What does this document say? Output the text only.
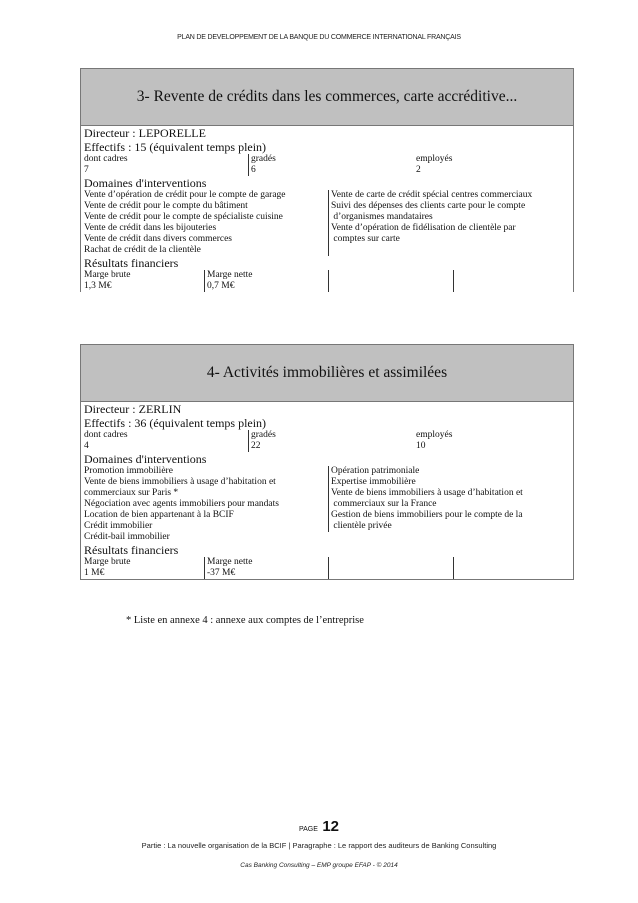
PLAN DE DEVELOPPEMENT DE LA BANQUE DU COMMERCE INTERNATIONAL FRANÇAIS
3- Revente de crédits dans les commerces, carte accréditive...
Directeur : LEPORELLE
Effectifs : 15 (équivalent temps plein)
dont cadres	gradés	employés
7	6	2
Domaines d'interventions
Vente d’opération de crédit pour le compte de garage
Vente de crédit pour le compte du bâtiment
Vente de crédit pour le compte de spécialiste cuisine
Vente de crédit dans les bijouteries
Vente de crédit dans divers commerces
Rachat de crédit de la clientèle
Vente de carte de crédit spécial centres commerciaux
Suivi des dépenses des clients carte pour le compte
d’organismes mandataires
Vente d’opération de fidélisation de clientèle par
comptes sur carte
Résultats financiers
Marge brute	Marge nette
1,3 M€	0,7 M€
4- Activités immobilières et assimilées
Directeur : ZERLIN
Effectifs : 36 (équivalent temps plein)
dont cadres	gradés	employés
4	22	10
Domaines d'interventions
Promotion immobilière
Vente de biens immobiliers à usage d’habitation et
commerciaux sur Paris *
Négociation avec agents immobiliers pour mandats
Location de bien appartenant à la BCIF
Crédit immobilier
Crédit-bail immobilier
Opération patrimoniale
Expertise immobilière
Vente de biens immobiliers à usage d’habitation et
commerciaux sur la France
Gestion de biens immobiliers pour le compte de la
clientèle privée
Résultats financiers
Marge brute	Marge nette
1 M€	-37 M€
* Liste en annexe 4 : annexe aux comptes de l’entreprise
PAGE 12
Partie : La nouvelle organisation de la BCIF | Paragraphe : Le rapport des auditeurs de Banking Consulting
Cas Banking Consulting – EMP groupe EFAP - © 2014
